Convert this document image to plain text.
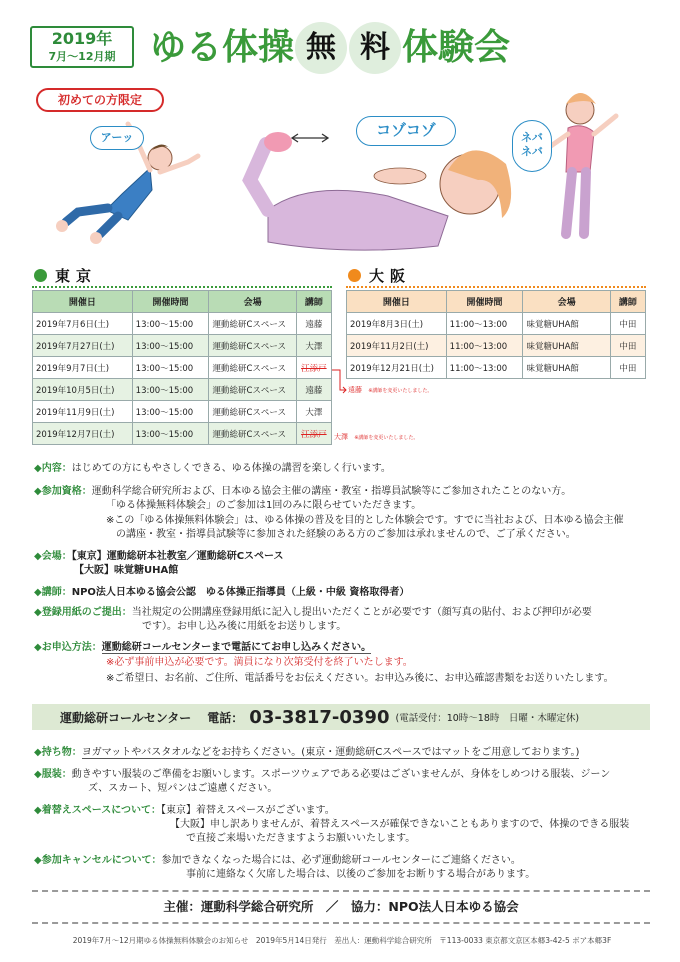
2019年
7月〜12月期 ゆる体操 無 料 体験会
初めての方限定
アーッ	コゾコゾ	ネバ
ネバ
東京	大阪
開催日	開催時間	会場	講師
2019年7月6日(土)	13:00〜15:00	運動総研Cスペース	遠藤
2019年7月27日(土)	13:00〜15:00	運動総研Cスペース	大澤
2019年9月7日(土)	13:00〜15:00	運動総研Cスペース	江添戸
2019年10月5日(土)	13:00〜15:00	運動総研Cスペース	遠藤
2019年11月9日(土)	13:00〜15:00	運動総研Cスペース	大澤
2019年12月7日(土)	13:00〜15:00	運動総研Cスペース	江添戸
遠藤 ※講師を変更いたしました。
大澤 ※講師を変更いたしました。
開催日	開催時間	会場	講師
2019年8月3日(土)	11:00〜13:00	味覚糖UHA館	中田
2019年11月2日(土)	11:00〜13:00	味覚糖UHA館	中田
2019年12月21日(土)	11:00〜13:00	味覚糖UHA館	中田
◆内容：はじめての方にもやさしくできる、ゆる体操の講習を楽しく行います。
◆参加資格：運動科学総合研究所および、日本ゆる協会主催の講座・教室・指導員試験等にご参加されたことのない方。
「ゆる体操無料体験会」のご参加は1回のみに限らせていただきます。
※この「ゆる体操無料体験会」は、ゆる体操の普及を目的とした体験会です。すでに当社および、日本ゆる協会主催
の講座・教室・指導員試験等に参加された経験のある方のご参加は承れませんので、ご了承ください。
◆会場：【東京】運動総研本社教室／運動総研Cスペース
【大阪】味覚糖UHA館
◆講師：NPO法人日本ゆる協会公認　ゆる体操正指導員（上級・中級 資格取得者）
◆登録用紙のご提出：当社規定の公開講座登録用紙に記入し提出いただくことが必要です（顔写真の貼付、および押印が必要
です）。お申し込み後に用紙をお送りします。
◆お申込方法：運動総研コールセンターまで電話にてお申し込みください。
※必ず事前申込が必要です。満員になり次第受付を終了いたします。
※ご希望日、お名前、ご住所、電話番号をお伝えください。お申込み後に、お申込確認書類をお送りいたします。
運動総研コールセンター 電話： 03-3817-0390 (電話受付：10時〜18時　日曜・木曜定休)
◆持ち物：ヨガマットやバスタオルなどをお持ちください。(東京・運動総研Cスペースではマットをご用意しております。)
◆服装：動きやすい服装のご準備をお願いします。スポーツウェアである必要はございませんが、身体をしめつける服装、ジーン
ズ、スカート、短パンはご遠慮ください。
◆着替えスペースについて：【東京】着替えスペースがございます。
【大阪】申し訳ありませんが、着替えスペースが確保できないこともありますので、体操のできる服装
で直接ご来場いただきますようお願いいたします。
◆参加キャンセルについて：参加できなくなった場合には、必ず運動総研コールセンターにご連絡ください。
事前に連絡なく欠席した場合は、以後のご参加をお断りする場合があります。
主催：運動科学総合研究所　／　協力：NPO法人日本ゆる協会
2019年7月〜12月期ゆる体操無料体験会のお知らせ　2019年5月14日発行　差出人：運動科学総合研究所　〒113-0033 東京都文京区本郷3-42-5 ボア本郷3F
